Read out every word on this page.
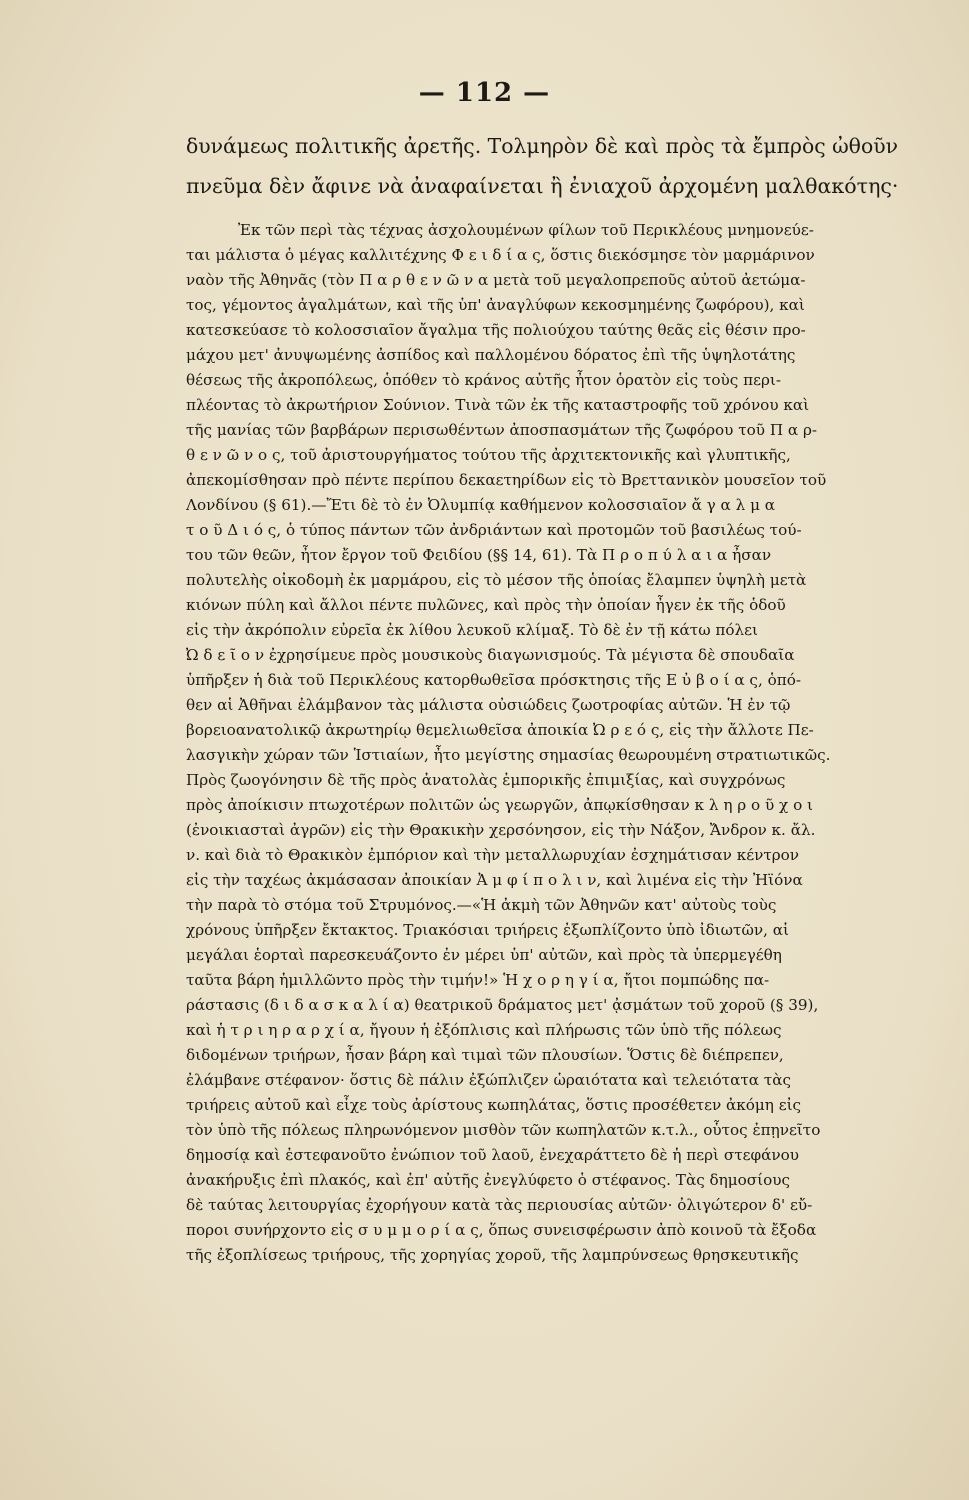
— 112 —
δυνάμεως πολιτικῆς ἀρετῆς. Τολμηρὸν δὲ καὶ πρὸς τὰ ἔμπρὸς ὠθοῦν
πνεῦμα δὲν ἄφινε νὰ ἀναφαίνεται ἢ ἐνιαχοῦ ἀρχομένη μαλθακότης·
Ἐκ τῶν περὶ τὰς τέχνας ἀσχολουμένων φίλων τοῦ Περικλέους μνημονεύε-
ται μάλιστα ὁ μέγας καλλιτέχνης Φ ε ι δ ί α ς, ὅστις διεκόσμησε τὸν μαρμάρινον
ναὸν τῆς Ἀθηνᾶς (τὸν Π α ρ θ ε ν ῶ ν α μετὰ τοῦ μεγαλοπρεποῦς αὐτοῦ ἀετώμα-
τος, γέμοντος ἀγαλμάτων, καὶ τῆς ὑπ' ἀναγλύφων κεκοσμημένης ζωφόρου), καὶ
κατεσκεύασε τὸ κολοσσιαῖον ἄγαλμα τῆς πολιούχου ταύτης θεᾶς εἰς θέσιν προ-
μάχου μετ' ἀνυψωμένης ἀσπίδος καὶ παλλομένου δόρατος ἐπὶ τῆς ὑψηλοτάτης
θέσεως τῆς ἀκροπόλεως, ὁπόθεν τὸ κράνος αὐτῆς ἦτον ὁρατὸν εἰς τοὺς περι-
πλέοντας τὸ ἀκρωτήριον Σούνιον. Τινὰ τῶν ἐκ τῆς καταστροφῆς τοῦ χρόνου καὶ
τῆς μανίας τῶν βαρβάρων περισωθέντων ἀποσπασμάτων τῆς ζωφόρου τοῦ Π α ρ-
θ ε ν ῶ ν ο ς, τοῦ ἀριστουργήματος τούτου τῆς ἀρχιτεκτονικῆς καὶ γλυπτικῆς,
ἀπεκομίσθησαν πρὸ πέντε περίπου δεκαετηρίδων εἰς τὸ Βρεττανικὸν μουσεῖον τοῦ
Λονδίνου (§ 61).—Ἔτι δὲ τὸ ἐν Ὀλυμπίᾳ καθήμενον κολοσσιαῖον ἄ γ α λ μ α
τ ο ῦ Δ ι ό ς, ὁ τύπος πάντων τῶν ἀνδριάντων καὶ προτομῶν τοῦ βασιλέως τού-
του τῶν θεῶν, ἦτον ἔργον τοῦ Φειδίου (§§ 14, 61). Τὰ Π ρ ο π ύ λ α ι α ἦσαν
πολυτελὴς οἰκοδομὴ ἐκ μαρμάρου, εἰς τὸ μέσον τῆς ὁποίας ἔλαμπεν ὑψηλὴ μετὰ
κιόνων πύλη καὶ ἄλλοι πέντε πυλῶνες, καὶ πρὸς τὴν ὁποίαν ἦγεν ἐκ τῆς ὁδοῦ
εἰς τὴν ἀκρόπολιν εὐρεῖα ἐκ λίθου λευκοῦ κλίμαξ. Τὸ δὲ ἐν τῇ κάτω πόλει
Ὠ δ ε ῖ ο ν ἐχρησίμευε πρὸς μουσικοὺς διαγωνισμούς. Τὰ μέγιστα δὲ σπουδαῖα
ὑπῆρξεν ἡ διὰ τοῦ Περικλέους κατορθωθεῖσα πρόσκτησις τῆς Ε ὐ β ο ί α ς, ὁπό-
θεν αἱ Ἀθῆναι ἐλάμβανον τὰς μάλιστα οὐσιώδεις ζωοτροφίας αὐτῶν. Ἡ ἐν τῷ
βορειοανατολικῷ ἀκρωτηρίῳ θεμελιωθεῖσα ἀποικία Ὠ ρ ε ό ς, εἰς τὴν ἄλλοτε Πε-
λασγικὴν χώραν τῶν Ἱστιαίων, ἦτο μεγίστης σημασίας θεωρουμένη στρατιωτικῶς.
Πρὸς ζωογόνησιν δὲ τῆς πρὸς ἀνατολὰς ἐμπορικῆς ἐπιμιξίας, καὶ συγχρόνως
πρὸς ἀποίκισιν πτωχοτέρων πολιτῶν ὡς γεωργῶν, ἀπῳκίσθησαν κ λ η ρ ο ῦ χ ο ι
(ἐνοικιασταὶ ἀγρῶν) εἰς τὴν Θρακικὴν χερσόνησον, εἰς τὴν Νάξον, Ἄνδρον κ. ἄλ.
ν. καὶ διὰ τὸ Θρακικὸν ἐμπόριον καὶ τὴν μεταλλωρυχίαν ἐσχημάτισαν κέντρον
εἰς τὴν ταχέως ἀκμάσασαν ἀποικίαν Ἀ μ φ ί π ο λ ι ν, καὶ λιμένα εἰς τὴν Ἠϊόνα
τὴν παρὰ τὸ στόμα τοῦ Στρυμόνος.—«Ἡ ἀκμὴ τῶν Ἀθηνῶν κατ' αὐτοὺς τοὺς
χρόνους ὑπῆρξεν ἔκτακτος. Τριακόσιαι τριήρεις ἐξωπλίζοντο ὑπὸ ἰδιωτῶν, αἱ
μεγάλαι ἑορταὶ παρεσκευάζοντο ἐν μέρει ὑπ' αὐτῶν, καὶ πρὸς τὰ ὑπερμεγέθη
ταῦτα βάρη ἡμιλλῶντο πρὸς τὴν τιμήν!» Ἡ χ ο ρ η γ ί α, ἤτοι πομπώδης πα-
ράστασις (δ ι δ α σ κ α λ ί α) θεατρικοῦ δράματος μετ' ᾀσμάτων τοῦ χοροῦ (§ 39),
καὶ ἡ τ ρ ι η ρ α ρ χ ί α, ἤγουν ἡ ἐξόπλισις καὶ πλήρωσις τῶν ὑπὸ τῆς πόλεως
διδομένων τριήρων, ἦσαν βάρη καὶ τιμαὶ τῶν πλουσίων. Ὅστις δὲ διέπρεπεν,
ἐλάμβανε στέφανον· ὅστις δὲ πάλιν ἐξώπλιζεν ὡραιότατα καὶ τελειότατα τὰς
τριήρεις αὐτοῦ καὶ εἶχε τοὺς ἀρίστους κωπηλάτας, ὅστις προσέθετεν ἀκόμη εἰς
τὸν ὑπὸ τῆς πόλεως πληρωνόμενον μισθὸν τῶν κωπηλατῶν κ.τ.λ., οὗτος ἐπῃνεῖτο
δημοσίᾳ καὶ ἐστεφανοῦτο ἐνώπιον τοῦ λαοῦ, ἐνεχαράττετο δὲ ἡ περὶ στεφάνου
ἀνακήρυξις ἐπὶ πλακός, καὶ ἐπ' αὐτῆς ἐνεγλύφετο ὁ στέφανος. Τὰς δημοσίους
δὲ ταύτας λειτουργίας ἐχορήγουν κατὰ τὰς περιουσίας αὐτῶν· ὀλιγώτερον δ' εὔ-
ποροι συνήρχοντο εἰς σ υ μ μ ο ρ ί α ς, ὅπως συνεισφέρωσιν ἀπὸ κοινοῦ τὰ ἔξοδα
τῆς ἐξοπλίσεως τριήρους, τῆς χορηγίας χοροῦ, τῆς λαμπρύνσεως θρησκευτικῆς
